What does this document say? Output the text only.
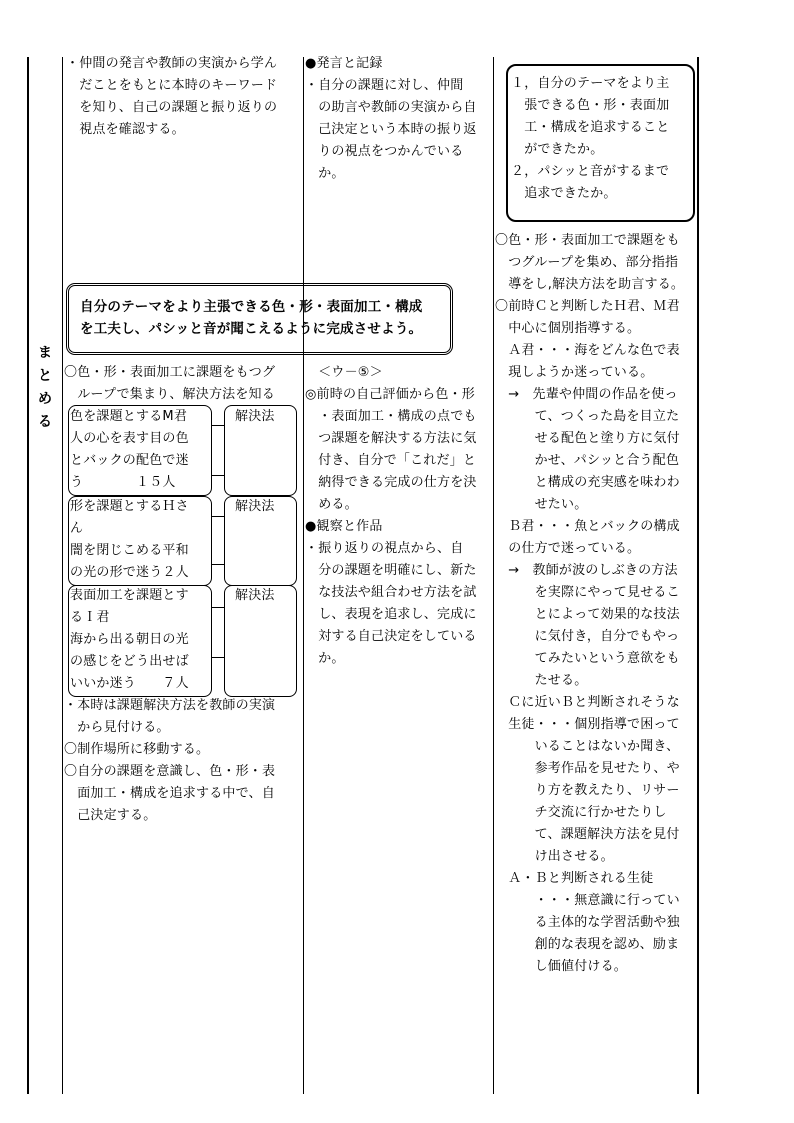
ま
と
め
る
・仲間の発言や教師の実演から学ん
　だことをもとに本時のキーワード
　を知り、自己の課題と振り返りの
　視点を確認する。
自分のテーマをより主張できる色・形・表面加工・構成
を工夫し、パシッと音が聞こえるように完成させよう。
〇色・形・表面加工に課題をもつグ
　ループで集まり、解決方法を知る
色を課題とするM君
人の心を表す目の色
とバックの配色で迷
う　　　　１５人
解決法
形を課題とするＨさ
ん
闇を閉じこめる平和
の光の形で迷う２人
解決法
表面加工を課題とす
るＩ君
海から出る朝日の光
の感じをどう出せば
いいか迷う　　７人
解決法
・本時は課題解決方法を教師の実演
　から見付ける。
〇制作場所に移動する。
〇自分の課題を意識し、色・形・表
　面加工・構成を追求する中で、自
　己決定する。
●発言と記録
・自分の課題に対し、仲間
　の助言や教師の実演から自
　己決定という本時の振り返
　りの視点をつかんでいる
　か。
　＜ウ－⑤＞
◎前時の自己評価から色・形
　・表面加工・構成の点でも
　つ課題を解決する方法に気
　付き、自分で「これだ」と
　納得できる完成の仕方を決
　める。
●観察と作品
・振り返りの視点から、自
　分の課題を明確にし、新た
　な技法や組合わせ方法を試
　し、表現を追求し、完成に
　対する自己決定をしている
　か。
１，自分のテーマをより主
　張できる色・形・表面加
　工・構成を追求すること
　ができたか。
２，パシッと音がするまで
　追求できたか。
〇色・形・表面加工で課題をも
　つグループを集め、部分指指
　導をし,解決方法を助言する。
〇前時Ｃと判断したＨ君、Ｍ君
　中心に個別指導する。
　Ａ君・・・海をどんな色で表
　現しようか迷っている。
　→　先輩や仲間の作品を使っ
　　　て、つくった島を目立た
　　　せる配色と塗り方に気付
　　　かせ、パシッと合う配色
　　　と構成の充実感を味わわ
　　　せたい。
　Ｂ君・・・魚とバックの構成
　の仕方で迷っている。
　→　教師が波のしぶきの方法
　　　を実際にやって見せるこ
　　　とによって効果的な技法
　　　に気付き，自分でもやっ
　　　てみたいという意欲をも
　　　たせる。
　Ｃに近いＢと判断されそうな
　生徒・・・個別指導で困って
　　　いることはないか聞き、
　　　参考作品を見せたり、や
　　　り方を教えたり、リサー
　　　チ交流に行かせたりし
　　　て、課題解決方法を見付
　　　け出させる。
　Ａ・Ｂと判断される生徒
　　　・・・無意識に行ってい
　　　る主体的な学習活動や独
　　　創的な表現を認め、励ま
　　　し価値付ける。
